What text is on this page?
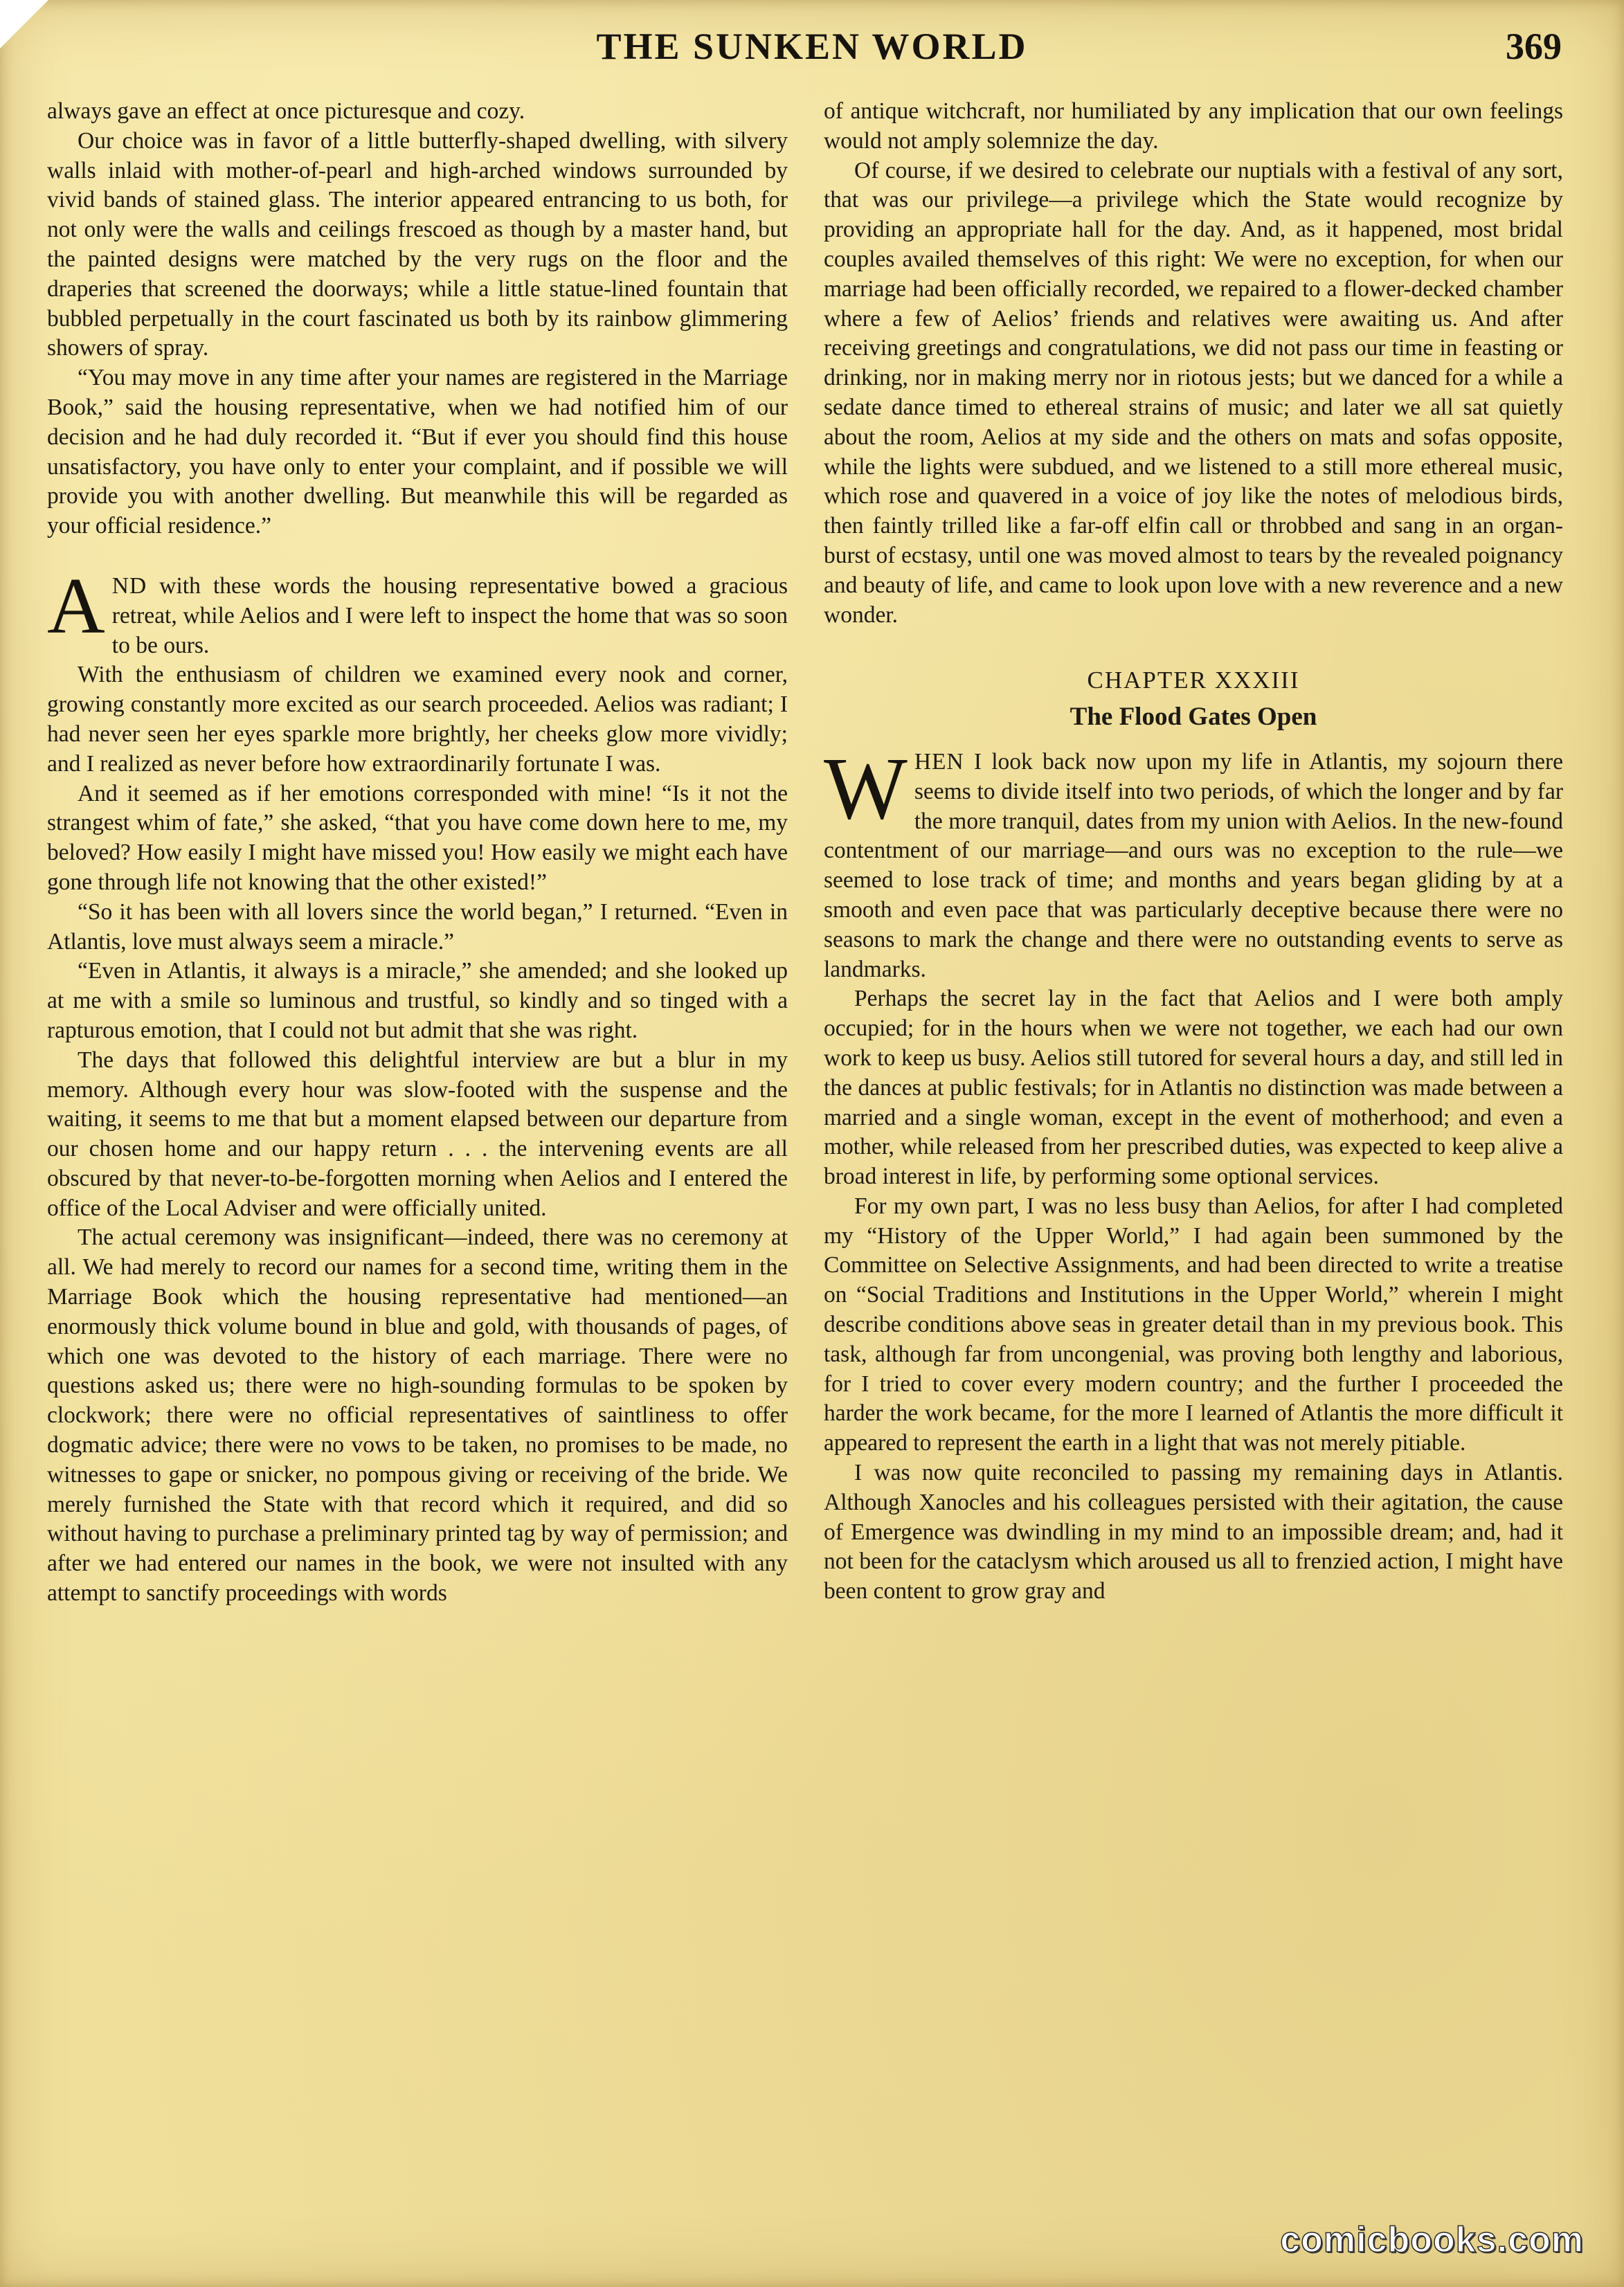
THE SUNKEN WORLD	369

always gave an effect at once picturesque and cozy.

Our choice was in favor of a little butterfly-shaped dwelling, with silvery walls inlaid with mother-of-pearl and high-arched windows surrounded by vivid bands of stained glass. The interior appeared entrancing to us both, for not only were the walls and ceilings frescoed as though by a master hand, but the painted designs were matched by the very rugs on the floor and the draperies that screened the doorways; while a little statue-lined fountain that bubbled perpetually in the court fascinated us both by its rainbow glimmering showers of spray.

“You may move in any time after your names are registered in the Marriage Book,” said the housing representative, when we had notified him of our decision and he had duly recorded it. “But if ever you should find this house unsatisfactory, you have only to enter your complaint, and if possible we will provide you with another dwelling. But meanwhile this will be regarded as your official residence.”

AND with these words the housing representative bowed a gracious retreat, while Aelios and I were left to inspect the home that was so soon to be ours.

With the enthusiasm of children we examined every nook and corner, growing constantly more excited as our search proceeded. Aelios was radiant; I had never seen her eyes sparkle more brightly, her cheeks glow more vividly; and I realized as never before how extraordinarily fortunate I was.

And it seemed as if her emotions corresponded with mine! “Is it not the strangest whim of fate,” she asked, “that you have come down here to me, my beloved? How easily I might have missed you! How easily we might each have gone through life not knowing that the other existed!”

“So it has been with all lovers since the world began,” I returned. “Even in Atlantis, love must always seem a miracle.”

“Even in Atlantis, it always is a miracle,” she amended; and she looked up at me with a smile so luminous and trustful, so kindly and so tinged with a rapturous emotion, that I could not but admit that she was right.

The days that followed this delightful interview are but a blur in my memory. Although every hour was slow-footed with the suspense and the waiting, it seems to me that but a moment elapsed between our departure from our chosen home and our happy return . . . the intervening events are all obscured by that never-to-be-forgotten morning when Aelios and I entered the office of the Local Adviser and were officially united.

The actual ceremony was insignificant—indeed, there was no ceremony at all. We had merely to record our names for a second time, writing them in the Marriage Book which the housing representative had mentioned—an enormously thick volume bound in blue and gold, with thousands of pages, of which one was devoted to the history of each marriage. There were no questions asked us; there were no high-sounding formulas to be spoken by clockwork; there were no official representatives of saintliness to offer dogmatic advice; there were no vows to be taken, no promises to be made, no witnesses to gape or snicker, no pompous giving or receiving of the bride. We merely furnished the State with that record which it required, and did so without having to purchase a preliminary printed tag by way of permission; and after we had entered our names in the book, we were not insulted with any attempt to sanctify proceedings with words

of antique witchcraft, nor humiliated by any implication that our own feelings would not amply solemnize the day.

Of course, if we desired to celebrate our nuptials with a festival of any sort, that was our privilege—a privilege which the State would recognize by providing an appropriate hall for the day. And, as it happened, most bridal couples availed themselves of this right: We were no exception, for when our marriage had been officially recorded, we repaired to a flower-decked chamber where a few of Aelios’ friends and relatives were awaiting us. And after receiving greetings and congratulations, we did not pass our time in feasting or drinking, nor in making merry nor in riotous jests; but we danced for a while a sedate dance timed to ethereal strains of music; and later we all sat quietly about the room, Aelios at my side and the others on mats and sofas opposite, while the lights were subdued, and we listened to a still more ethereal music, which rose and quavered in a voice of joy like the notes of melodious birds, then faintly trilled like a far-off elfin call or throbbed and sang in an organ-burst of ecstasy, until one was moved almost to tears by the revealed poignancy and beauty of life, and came to look upon love with a new reverence and a new wonder.

CHAPTER XXXIII

The Flood Gates Open

WHEN I look back now upon my life in Atlantis, my sojourn there seems to divide itself into two periods, of which the longer and by far the more tranquil, dates from my union with Aelios. In the new-found contentment of our marriage—and ours was no exception to the rule—we seemed to lose track of time; and months and years began gliding by at a smooth and even pace that was particularly deceptive because there were no seasons to mark the change and there were no outstanding events to serve as landmarks.

Perhaps the secret lay in the fact that Aelios and I were both amply occupied; for in the hours when we were not together, we each had our own work to keep us busy. Aelios still tutored for several hours a day, and still led in the dances at public festivals; for in Atlantis no distinction was made between a married and a single woman, except in the event of motherhood; and even a mother, while released from her prescribed duties, was expected to keep alive a broad interest in life, by performing some optional services.

For my own part, I was no less busy than Aelios, for after I had completed my “History of the Upper World,” I had again been summoned by the Committee on Selective Assignments, and had been directed to write a treatise on “Social Traditions and Institutions in the Upper World,” wherein I might describe conditions above seas in greater detail than in my previous book. This task, although far from uncongenial, was proving both lengthy and laborious, for I tried to cover every modern country; and the further I proceeded the harder the work became, for the more I learned of Atlantis the more difficult it appeared to represent the earth in a light that was not merely pitiable.

I was now quite reconciled to passing my remaining days in Atlantis. Although Xanocles and his colleagues persisted with their agitation, the cause of Emergence was dwindling in my mind to an impossible dream; and, had it not been for the cataclysm which aroused us all to frenzied action, I might have been content to grow gray and

comicbooks.com
